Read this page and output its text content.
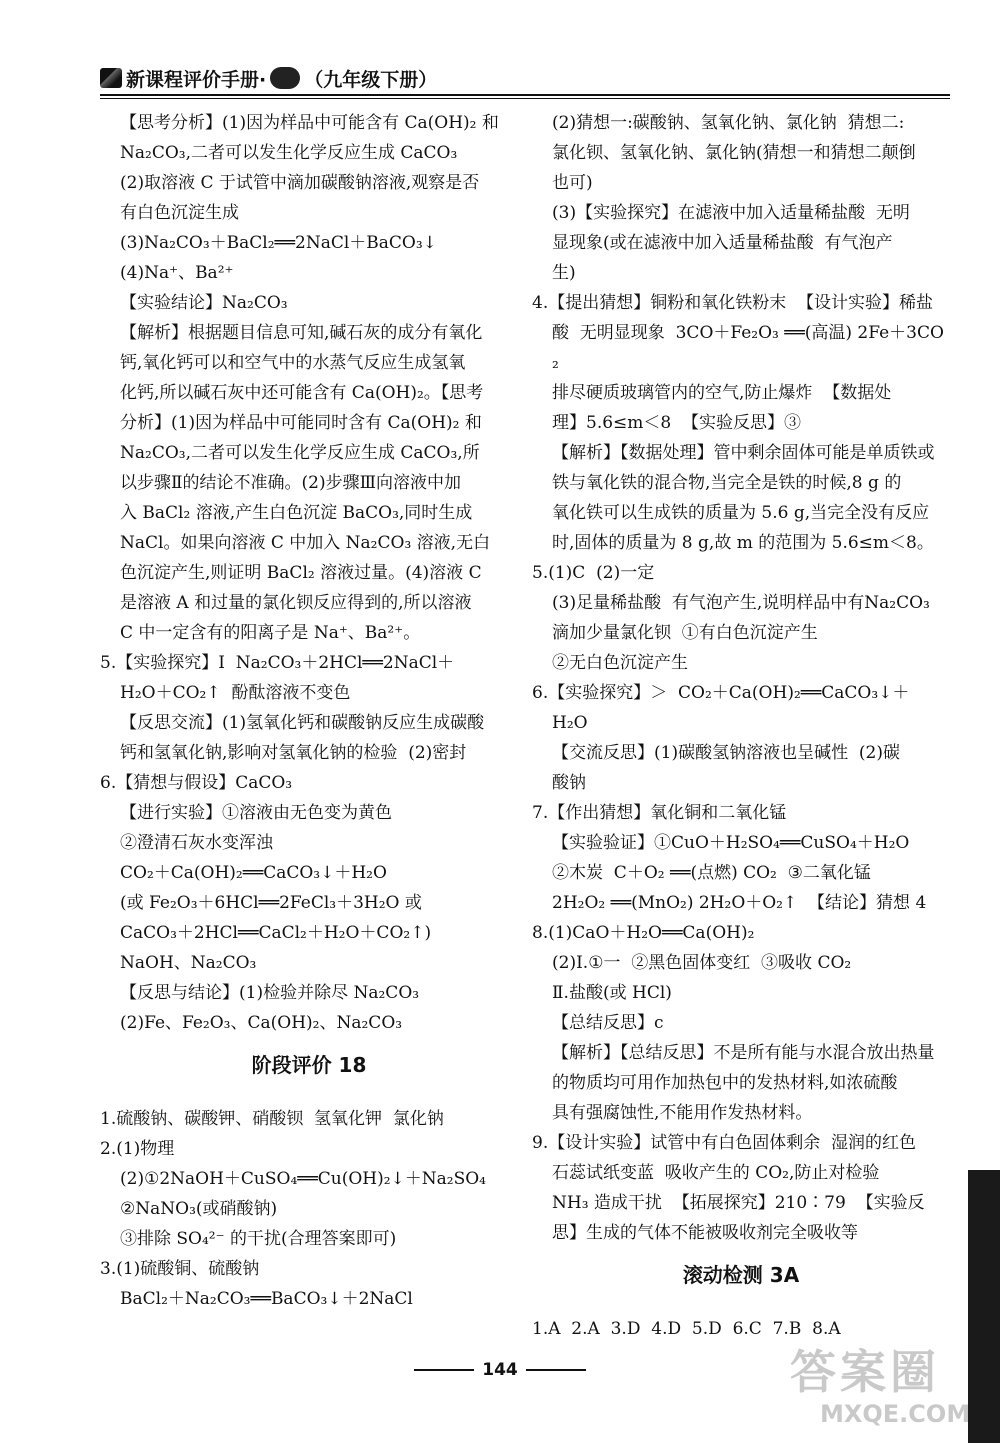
新课程评价手册· （九年级下册）

【思考分析】(1)因为样品中可能含有 Ca(OH)₂ 和

Na₂CO₃,二者可以发生化学反应生成 CaCO₃

(2)取溶液 C 于试管中滴加碳酸钠溶液,观察是否

有白色沉淀生成

(3)Na₂CO₃＋BaCl₂══2NaCl＋BaCO₃↓

(4)Na⁺、Ba²⁺

【实验结论】Na₂CO₃

【解析】根据题目信息可知,碱石灰的成分有氧化

钙,氧化钙可以和空气中的水蒸气反应生成氢氧

化钙,所以碱石灰中还可能含有 Ca(OH)₂。【思考

分析】(1)因为样品中可能同时含有 Ca(OH)₂ 和

Na₂CO₃,二者可以发生化学反应生成 CaCO₃,所

以步骤Ⅱ的结论不准确。(2)步骤Ⅲ向溶液中加

入 BaCl₂ 溶液,产生白色沉淀 BaCO₃,同时生成

NaCl。如果向溶液 C 中加入 Na₂CO₃ 溶液,无白

色沉淀产生,则证明 BaCl₂ 溶液过量。(4)溶液 C

是溶液 A 和过量的氯化钡反应得到的,所以溶液

C 中一定含有的阳离子是 Na⁺、Ba²⁺。

5.【实验探究】Ⅰ  Na₂CO₃＋2HCl══2NaCl＋

H₂O＋CO₂↑  酚酞溶液不变色

【反思交流】(1)氢氧化钙和碳酸钠反应生成碳酸

钙和氢氧化钠,影响对氢氧化钠的检验  (2)密封

6.【猜想与假设】CaCO₃

【进行实验】①溶液由无色变为黄色

②澄清石灰水变浑浊

CO₂＋Ca(OH)₂══CaCO₃↓＋H₂O

(或 Fe₂O₃＋6HCl══2FeCl₃＋3H₂O 或

CaCO₃＋2HCl══CaCl₂＋H₂O＋CO₂↑)

NaOH、Na₂CO₃

【反思与结论】(1)检验并除尽 Na₂CO₃

(2)Fe、Fe₂O₃、Ca(OH)₂、Na₂CO₃

阶段评价 18

1.硫酸钠、碳酸钾、硝酸钡  氢氧化钾  氯化钠

2.(1)物理

(2)①2NaOH＋CuSO₄══Cu(OH)₂↓＋Na₂SO₄

②NaNO₃(或硝酸钠)

③排除 SO₄²⁻ 的干扰(合理答案即可)

3.(1)硫酸铜、硫酸钠

BaCl₂＋Na₂CO₃══BaCO₃↓＋2NaCl

(2)猜想一:碳酸钠、氢氧化钠、氯化钠  猜想二:

氯化钡、氢氧化钠、氯化钠(猜想一和猜想二颠倒

也可)

(3)【实验探究】在滤液中加入适量稀盐酸  无明

显现象(或在滤液中加入适量稀盐酸  有气泡产

生)

4.【提出猜想】铜粉和氧化铁粉末  【设计实验】稀盐

酸  无明显现象  3CO＋Fe₂O₃ ══(高温) 2Fe＋3CO₂

排尽硬质玻璃管内的空气,防止爆炸  【数据处

理】5.6≤m＜8  【实验反思】③

【解析】【数据处理】管中剩余固体可能是单质铁或

铁与氧化铁的混合物,当完全是铁的时候,8 g 的

氧化铁可以生成铁的质量为 5.6 g,当完全没有反应

时,固体的质量为 8 g,故 m 的范围为 5.6≤m＜8。

5.(1)C  (2)一定

(3)足量稀盐酸  有气泡产生,说明样品中有Na₂CO₃

滴加少量氯化钡  ①有白色沉淀产生

②无白色沉淀产生

6.【实验探究】＞  CO₂＋Ca(OH)₂══CaCO₃↓＋

H₂O

【交流反思】(1)碳酸氢钠溶液也呈碱性  (2)碳

酸钠

7.【作出猜想】氧化铜和二氧化锰

【实验验证】①CuO＋H₂SO₄══CuSO₄＋H₂O

②木炭  C＋O₂ ══(点燃) CO₂  ③二氧化锰

2H₂O₂ ══(MnO₂) 2H₂O＋O₂↑  【结论】猜想 4

8.(1)CaO＋H₂O══Ca(OH)₂

(2)Ⅰ.①一  ②黑色固体变红  ③吸收 CO₂

Ⅱ.盐酸(或 HCl)

【总结反思】c

【解析】【总结反思】不是所有能与水混合放出热量

的物质均可用作加热包中的发热材料,如浓硫酸

具有强腐蚀性,不能用作发热材料。

9.【设计实验】试管中有白色固体剩余  湿润的红色

石蕊试纸变蓝  吸收产生的 CO₂,防止对检验

NH₃ 造成干扰  【拓展探究】210∶79  【实验反

思】生成的气体不能被吸收剂完全吸收等

滚动检测 3A

1.A  2.A  3.D  4.D  5.D  6.C  7.B  8.A

144	答案圈
MXQE.COM
